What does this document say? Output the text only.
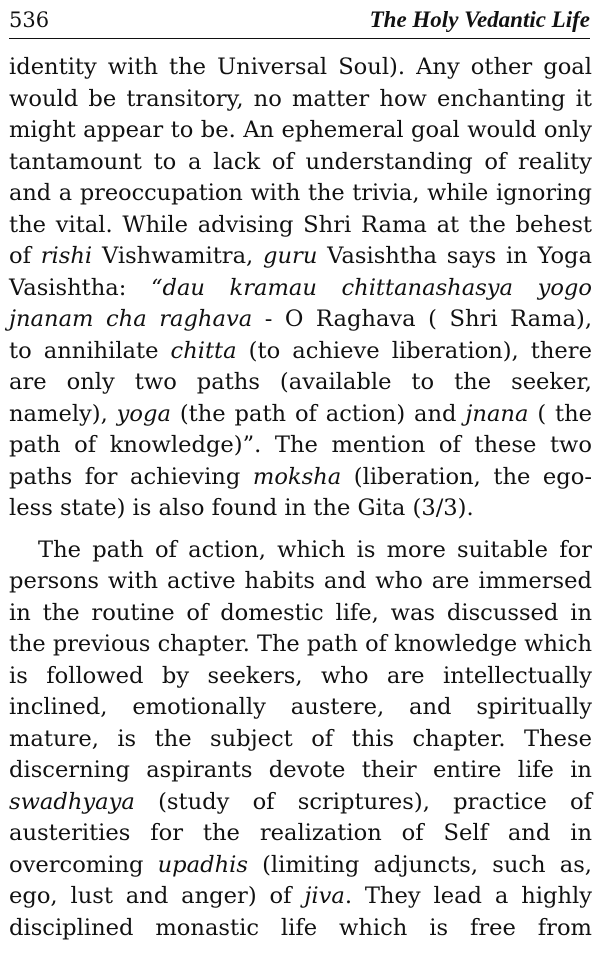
536	The Holy Vedantic Life

identity with the Universal Soul). Any other goal
would be transitory, no matter how enchanting it
might appear to be. An ephemeral goal would only
tantamount to a lack of understanding of reality
and a preoccupation with the trivia, while ignoring
the vital. While advising Shri Rama at the behest
of rishi Vishwamitra, guru Vasishtha says in Yoga
Vasishtha: “dau kramau chittanashasya yogo
jnanam cha raghava - O Raghava ( Shri Rama),
to annihilate chitta (to achieve liberation), there
are only two paths (available to the seeker,
namely), yoga (the path of action) and jnana ( the
path of knowledge)”. The mention of these two
paths for achieving moksha (liberation, the ego-
less state) is also found in the Gita (3/3).

The path of action, which is more suitable for
persons with active habits and who are immersed
in the routine of domestic life, was discussed in
the previous chapter. The path of knowledge which
is followed by seekers, who are intellectually
inclined, emotionally austere, and spiritually
mature, is the subject of this chapter. These
discerning aspirants devote their entire life in
swadhyaya (study of scriptures), practice of
austerities for the realization of Self and in
overcoming upadhis (limiting adjuncts, such as,
ego, lust and anger) of jiva. They lead a highly
disciplined monastic life which is free from
